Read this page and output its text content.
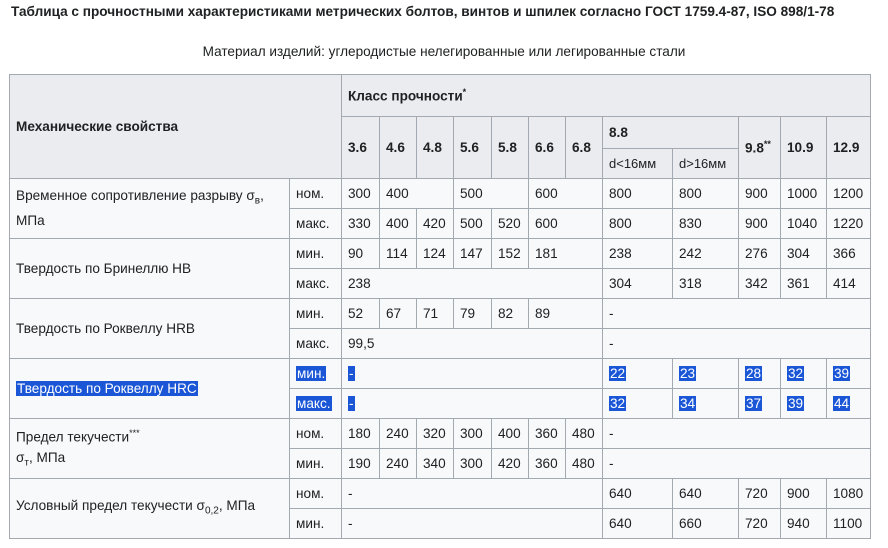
Таблица с прочностными характеристиками метрических болтов, винтов и шпилек согласно ГОСТ 1759.4-87, ISO 898/1-78
Материал изделий: углеродистые нелегированные или легированные стали
Механические свойства		Класс прочности*
		3.6	4.6	4.8	5.6	5.8	6.6	6.8	8.8		9.8**	10.9	12.9
									d<16мм	d>16мм			
Временное сопротивление разрыву $\sigma_в$, МПа	ном.	300	400		500		600		800	800	900	1000	1200
	макс.	330	400	420	500	520	600		800	830	900	1040	1220
Твердость по Бринеллю HB	мин.	90	114	124	147	152	181		238	242	276	304	366
	макс.	238							304	318	342	361	414
Твердость по Роквеллу HRB	мин.	52	67	71	79	82	89		-				
	макс.	99,5							-				
Твердость по Роквеллу HRC	мин.	-							22	23	28	32	39
	макс.	-							32	34	37	39	44
Предел текучести***
$\sigma_т$, МПа	ном.	180	240	320	300	400	360	480	-				
	мин.	190	240	340	300	420	360	480	-				
Условный предел текучести $\sigma_{0,2}$, МПа	ном.	-							640	640	720	900	1080
	мин.	-							640	660	720	940	1100
